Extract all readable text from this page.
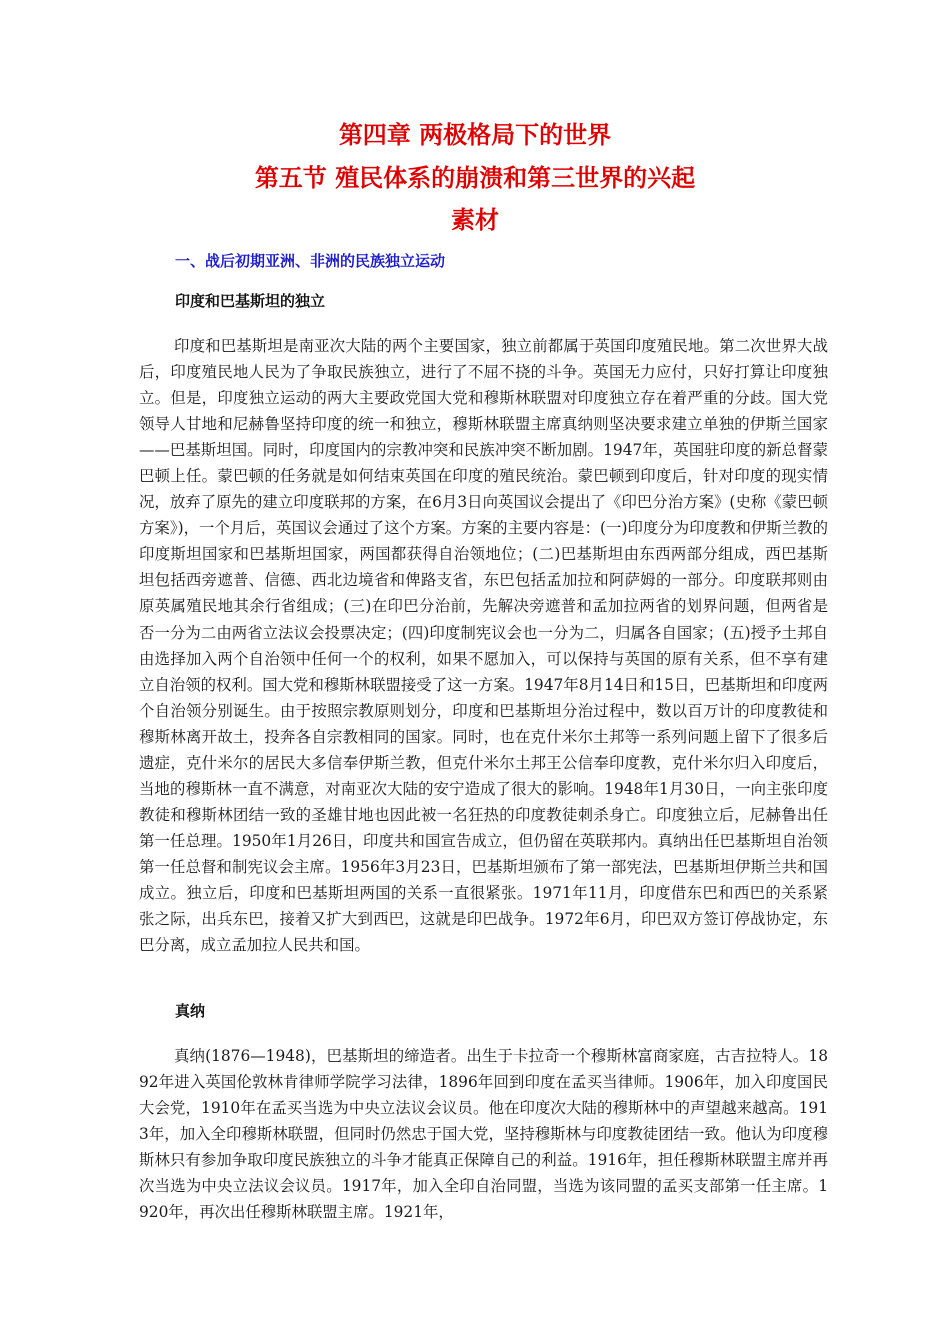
第四章 两极格局下的世界
第五节 殖民体系的崩溃和第三世界的兴起
素材
一、战后初期亚洲、非洲的民族独立运动
印度和巴基斯坦的独立

印度和巴基斯坦是南亚次大陆的两个主要国家，独立前都属于英国印度殖民地。第二次世界大战后，印度殖民地人民为了争取民族独立，进行了不屈不挠的斗争。英国无力应付，只好打算让印度独立。但是，印度独立运动的两大主要政党国大党和穆斯林联盟对印度独立存在着严重的分歧。国大党领导人甘地和尼赫鲁坚持印度的统一和独立，穆斯林联盟主席真纳则坚决要求建立单独的伊斯兰国家——巴基斯坦国。同时，印度国内的宗教冲突和民族冲突不断加剧。1947年，英国驻印度的新总督蒙巴顿上任。蒙巴顿的任务就是如何结束英国在印度的殖民统治。蒙巴顿到印度后，针对印度的现实情况，放弃了原先的建立印度联邦的方案，在6月3日向英国议会提出了《印巴分治方案》(史称《蒙巴顿方案》)，一个月后，英国议会通过了这个方案。方案的主要内容是：(一)印度分为印度教和伊斯兰教的印度斯坦国家和巴基斯坦国家，两国都获得自治领地位；(二)巴基斯坦由东西两部分组成，西巴基斯坦包括西旁遮普、信德、西北边境省和俾路支省，东巴包括孟加拉和阿萨姆的一部分。印度联邦则由原英属殖民地其余行省组成；(三)在印巴分治前，先解决旁遮普和孟加拉两省的划界问题，但两省是否一分为二由两省立法议会投票决定；(四)印度制宪议会也一分为二，归属各自国家；(五)授予土邦自由选择加入两个自治领中任何一个的权利，如果不愿加入，可以保持与英国的原有关系，但不享有建立自治领的权利。国大党和穆斯林联盟接受了这一方案。1947年8月14日和15日，巴基斯坦和印度两个自治领分别诞生。由于按照宗教原则划分，印度和巴基斯坦分治过程中，数以百万计的印度教徒和穆斯林离开故土，投奔各自宗教相同的国家。同时，也在克什米尔土邦等一系列问题上留下了很多后遗症，克什米尔的居民大多信奉伊斯兰教，但克什米尔土邦王公信奉印度教，克什米尔归入印度后，当地的穆斯林一直不满意，对南亚次大陆的安宁造成了很大的影响。1948年1月30日，一向主张印度教徒和穆斯林团结一致的圣雄甘地也因此被一名狂热的印度教徒刺杀身亡。印度独立后，尼赫鲁出任第一任总理。1950年1月26日，印度共和国宣告成立，但仍留在英联邦内。真纳出任巴基斯坦自治领第一任总督和制宪议会主席。1956年3月23日，巴基斯坦颁布了第一部宪法，巴基斯坦伊斯兰共和国成立。独立后，印度和巴基斯坦两国的关系一直很紧张。1971年11月，印度借东巴和西巴的关系紧张之际，出兵东巴，接着又扩大到西巴，这就是印巴战争。1972年6月，印巴双方签订停战协定，东巴分离，成立孟加拉人民共和国。

真纳

真纳(1876—1948)，巴基斯坦的缔造者。出生于卡拉奇一个穆斯林富商家庭，古吉拉特人。1892年进入英国伦敦林肯律师学院学习法律，1896年回到印度在孟买当律师。1906年，加入印度国民大会党，1910年在孟买当选为中央立法议会议员。他在印度次大陆的穆斯林中的声望越来越高。1913年，加入全印穆斯林联盟，但同时仍然忠于国大党，坚持穆斯林与印度教徒团结一致。他认为印度穆斯林只有参加争取印度民族独立的斗争才能真正保障自己的利益。1916年，担任穆斯林联盟主席并再次当选为中央立法议会议员。1917年，加入全印自治同盟，当选为该同盟的孟买支部第一任主席。1920年，再次出任穆斯林联盟主席。1921年，
